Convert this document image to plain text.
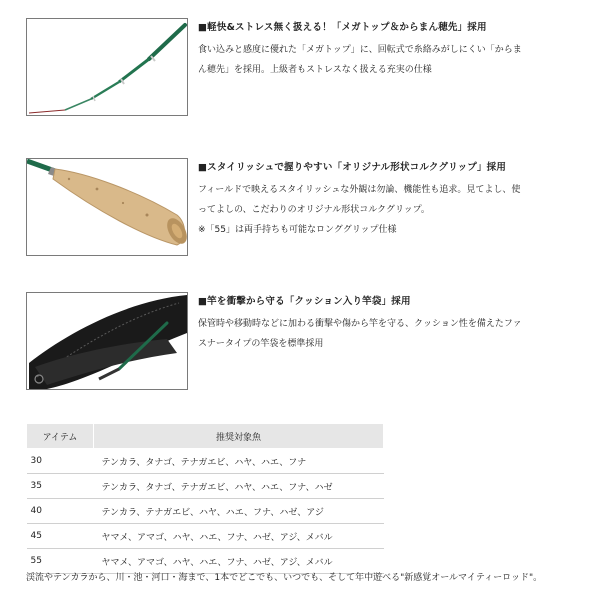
■軽快&ストレス無く扱える！「メガトップ＆からまん穂先」採用

食い込みと感度に優れた「メガトップ」に、回転式で糸絡みがしにくい「からまん穂先」を採用。上級者もストレスなく扱える充実の仕様

■スタイリッシュで握りやすい「オリジナル形状コルクグリップ」採用

フィールドで映えるスタイリッシュな外観は勿論、機能性も追求。見てよし、使ってよしの、こだわりのオリジナル形状コルクグリップ。

※「55」は両手持ちも可能なロンググリップ仕様

■竿を衝撃から守る「クッション入り竿袋」採用

保管時や移動時などに加わる衝撃や傷から竿を守る、クッション性を備えたファスナータイプの竿袋を標準採用

アイテム	推奨対象魚
30	テンカラ、タナゴ、テナガエビ、ハヤ、ハエ、フナ
35	テンカラ、タナゴ、テナガエビ、ハヤ、ハエ、フナ、ハゼ
40	テンカラ、テナガエビ、ハヤ、ハエ、フナ、ハゼ、アジ
45	ヤマメ、アマゴ、ハヤ、ハエ、フナ、ハゼ、アジ、メバル
55	ヤマメ、アマゴ、ハヤ、ハエ、フナ、ハゼ、アジ、メバル

渓流やテンカラから、川・池・河口・海まで、1本でどこでも、いつでも、そして年中遊べる"新感覚オールマイティーロッド"。
